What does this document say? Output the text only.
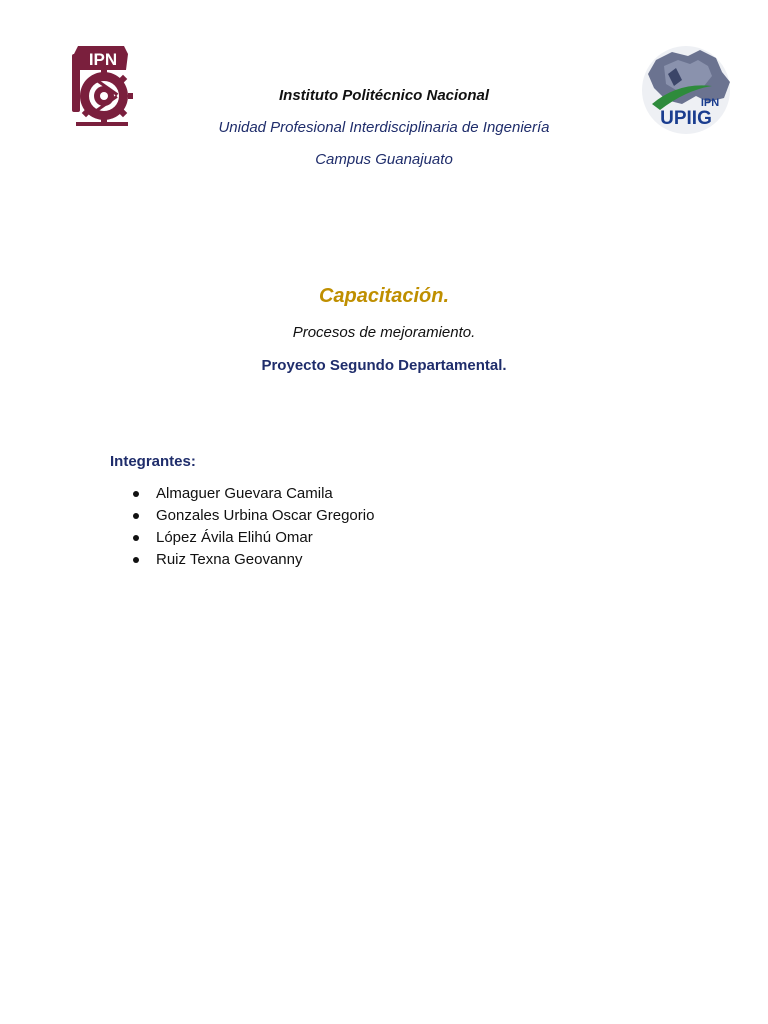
IPN
IPN
UPIIG
Instituto Politécnico Nacional
Unidad Profesional Interdisciplinaria de Ingeniería
Campus Guanajuato
Capacitación.
Procesos de mejoramiento.
Proyecto Segundo Departamental.
Integrantes:
Almaguer Guevara Camila
Gonzales Urbina Oscar Gregorio
López Ávila Elihú Omar
Ruiz Texna Geovanny
